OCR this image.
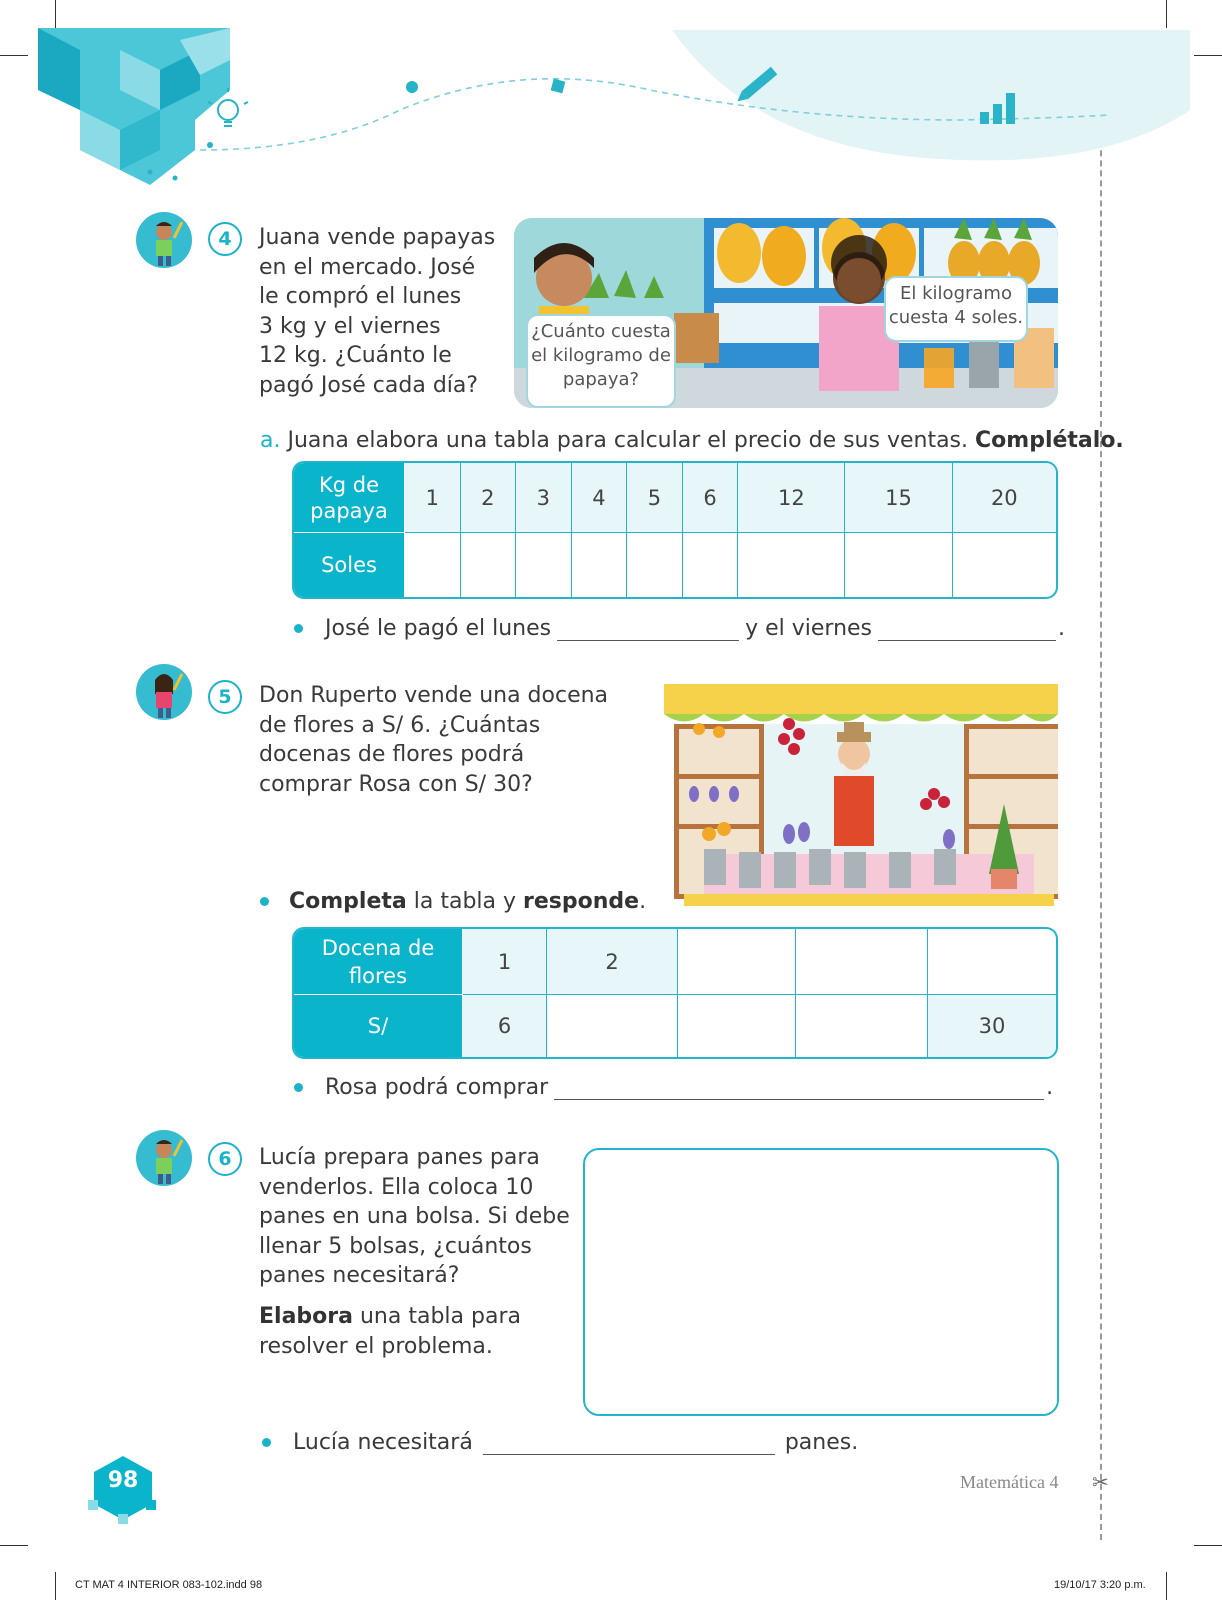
4	Juana vende papayas
en el mercado. José
le compró el lunes
3 kg y el viernes
12 kg. ¿Cuánto le
pagó José cada día?
¿Cuánto cuesta el kilogramo de papaya?
El kilogramo cuesta 4 soles.
a. Juana elabora una tabla para calcular el precio de sus ventas. Complétalo.
Kg de papaya	1	2	3	4	5	6	12	15	20
Soles									
José le pagó el lunes	y el viernes	.
5	Don Ruperto vende una docena
de flores a S/ 6. ¿Cuántas
docenas de flores podrá
comprar Rosa con S/ 30?
Completa la tabla y responde .
Docena de flores	1	2			
S/	6				30
Rosa podrá comprar	.
6	Lucía prepara panes para
venderlos. Ella coloca 10
panes en una bolsa. Si debe
llenar 5 bolsas, ¿cuántos
panes necesitará?
Elabora una tabla para
resolver el problema.
Lucía necesitará	panes.
98	Matemática 4 ✂
CT MAT 4 INTERIOR 083-102.indd 98	19/10/17 3:20 p.m.
